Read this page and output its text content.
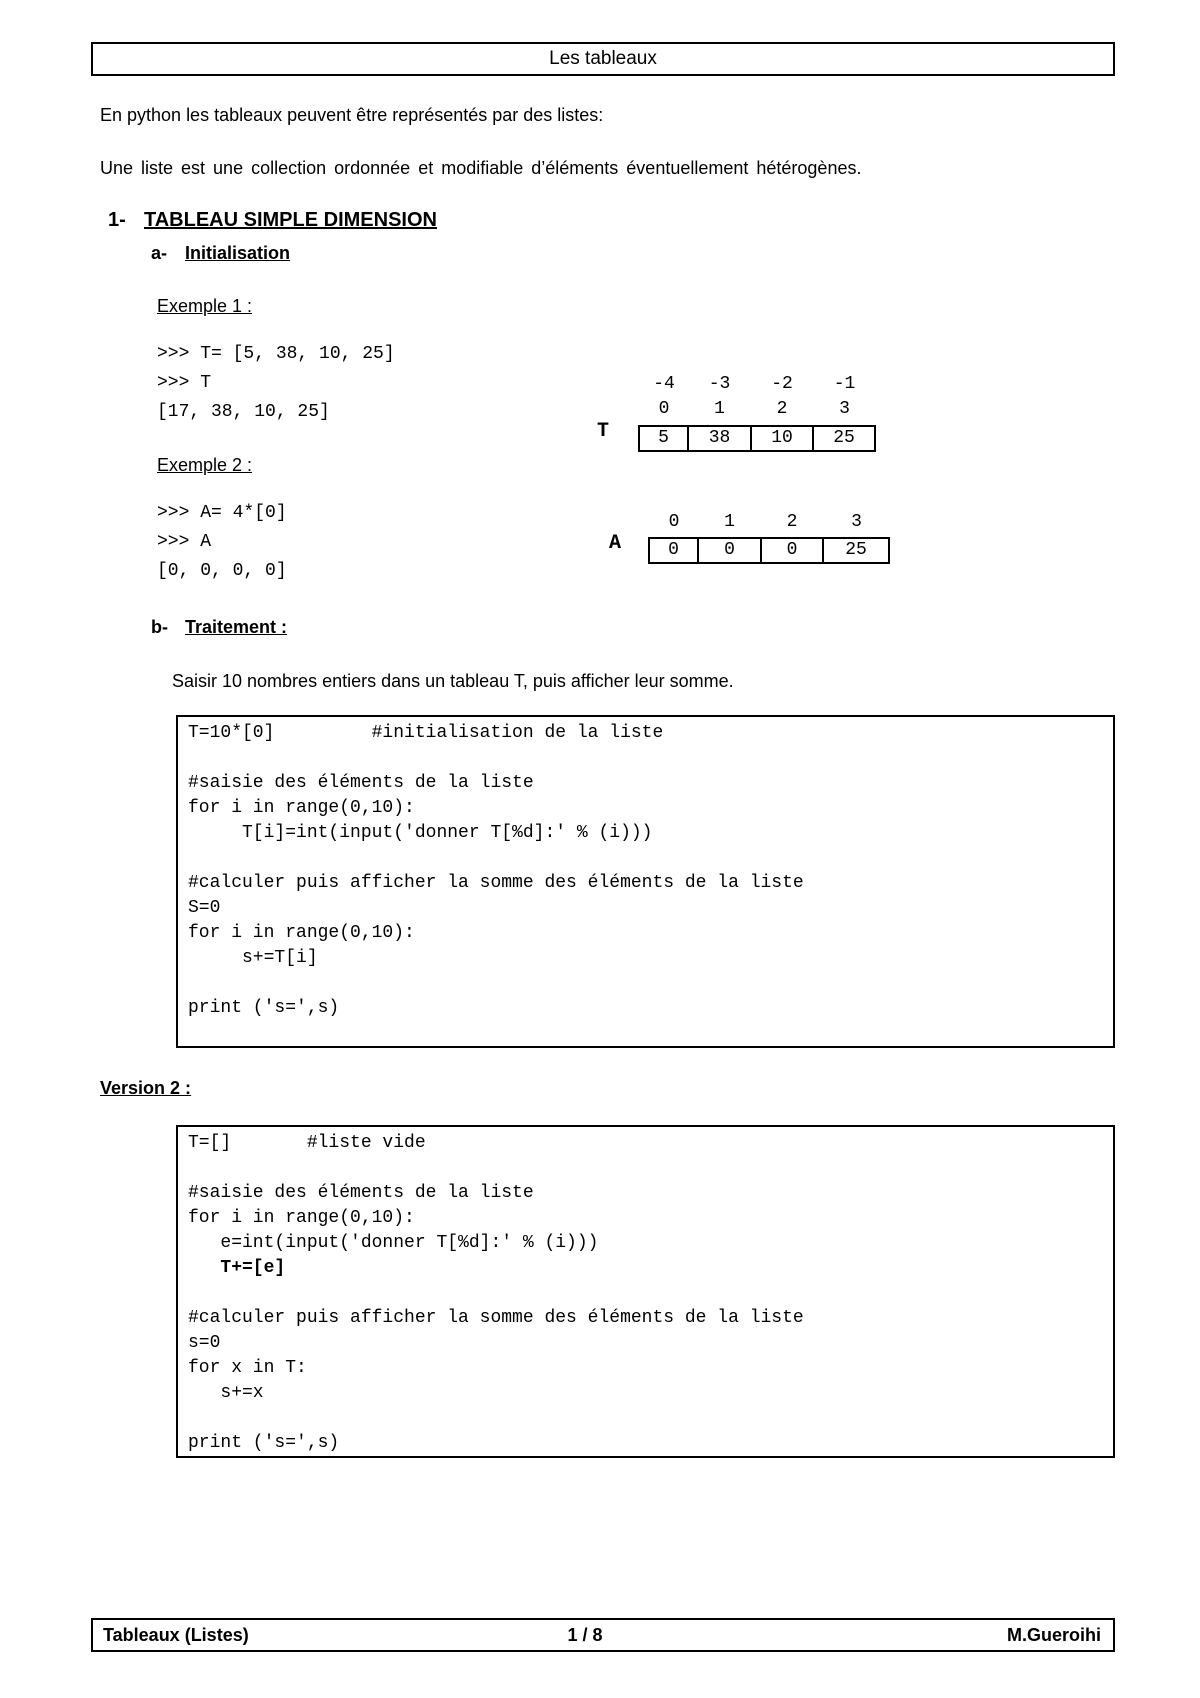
Les tableaux
En python les tableaux peuvent être représentés par des listes:
Une liste est une collection ordonnée et modifiable d’éléments éventuellement hétérogènes.
1- TABLEAU SIMPLE DIMENSION
a- Initialisation
Exemple 1 :
>>> T= [5, 38, 10, 25]
>>> T
[17, 38, 10, 25]
-4	-3	-2	-1
0	1	2	3
T	5	38	10	25
Exemple 2 :
>>> A= 4*[0]
>>> A
[0, 0, 0, 0]
0	1	2	3
A	0	0	0	25
b- Traitement :
Saisir 10 nombres entiers dans un tableau T, puis afficher leur somme.
T=10*[0]         #initialisation de la liste
#saisie des éléments de la liste
for i in range(0,10):
T[i]=int(input('donner T[%d]:' % (i)))
#calculer puis afficher la somme des éléments de la liste
S=0
for i in range(0,10):
s+=T[i]
print ('s=',s)
Version 2 :
T=[]       #liste vide
#saisie des éléments de la liste
for i in range(0,10):
e=int(input('donner T[%d]:' % (i)))
T+=[e]
#calculer puis afficher la somme des éléments de la liste
s=0
for x in T:
s+=x
print ('s=',s)
Tableaux (Listes)	1 / 8	M.Gueroihi
